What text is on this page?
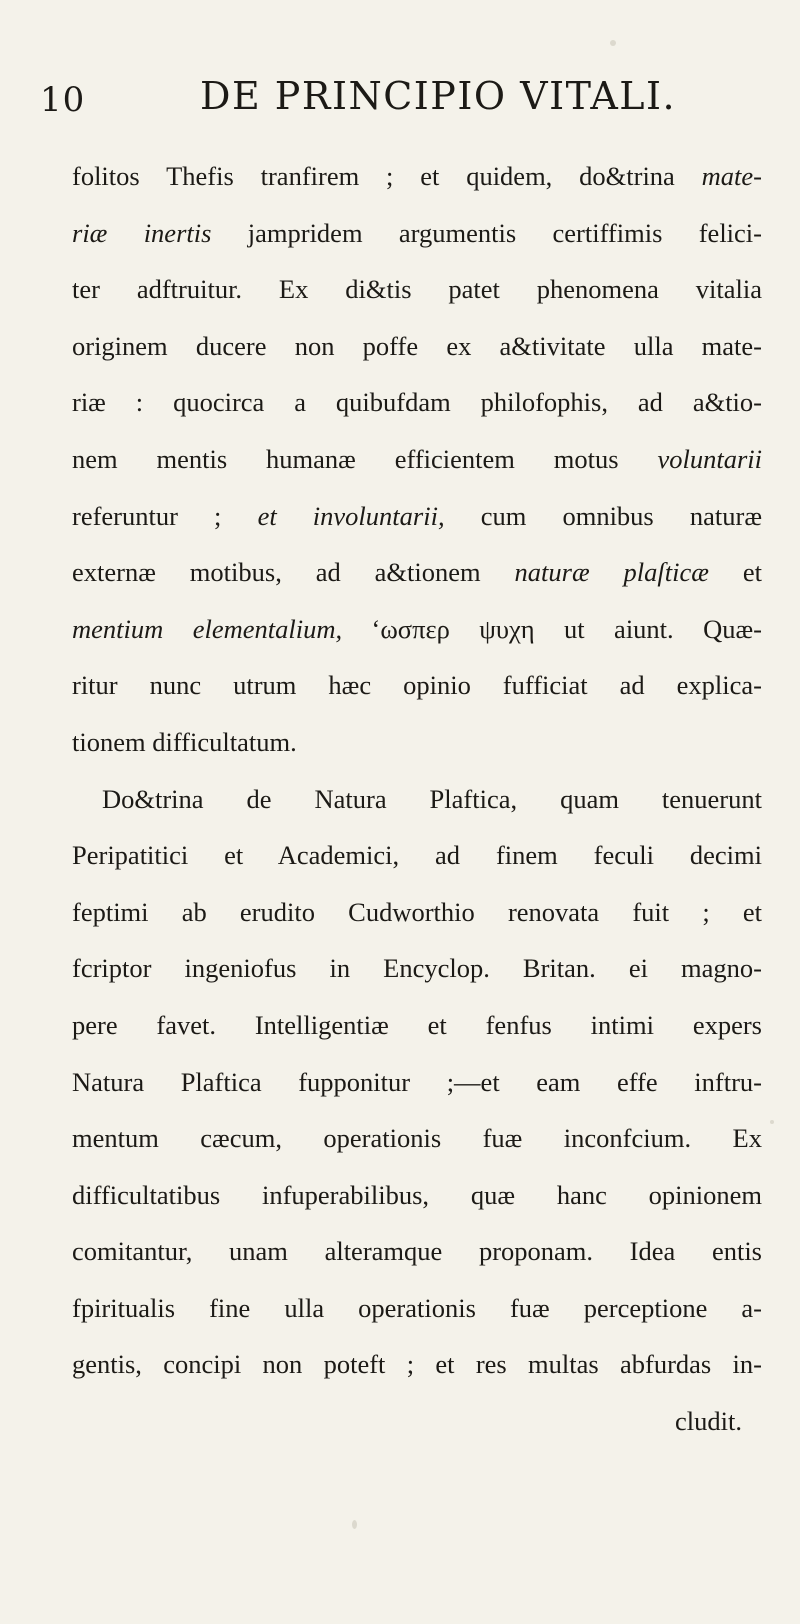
10	DE PRINCIPIO VITALI.
folitos Thefis tranfirem ; et quidem, do&trina mate-
riæ inertis jampridem argumentis certiffimis felici-
ter adftruitur. Ex di&tis patet phenomena vitalia
originem ducere non poffe ex a&tivitate ulla mate-
riæ : quocirca a quibufdam philofophis, ad a&tio-
nem mentis humanæ efficientem motus voluntarii
referuntur ; et involuntarii, cum omnibus naturæ
externæ motibus, ad a&tionem naturæ plaſticæ et
mentium elementalium, ‘ωσπερ ψυχη ut aiunt. Quæ-
ritur nunc utrum hæc opinio fufficiat ad explica-
tionem difficultatum.
Do&trina de Natura Plaftica, quam tenuerunt
Peripatitici et Academici, ad finem feculi decimi
feptimi ab erudito Cudworthio renovata fuit ; et
fcriptor ingeniofus in Encyclop. Britan. ei magno-
pere favet. Intelligentiæ et fenfus intimi expers
Natura Plaftica fupponitur ;—et eam effe inftru-
mentum cæcum, operationis fuæ inconfcium. Ex
difficultatibus infuperabilibus, quæ hanc opinionem
comitantur, unam alteramque proponam. Idea entis
fpiritualis fine ulla operationis fuæ perceptione a-
gentis, concipi non poteft ; et res multas abfurdas in-
cludit.
